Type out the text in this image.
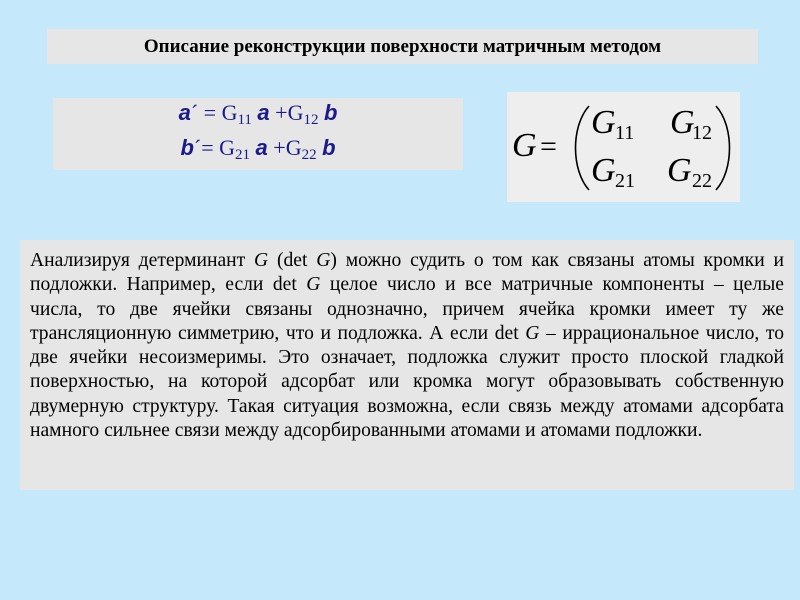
Описание реконструкции поверхности матричным методом
a´ = $G_{11}$ $a +G_{12}$ b
b´= $G_{21}$ $a +G_{22}$ b	G =
G 11 G
12
G 21 G 22

Анализируя детерминант G (det G) можно судить о том как связаны атомы кромки и подложки. Например, если det G целое число и все матричные компоненты – целые числа, то две ячейки связаны однозначно, причем ячейка кромки имеет ту же трансляционную симметрию, что и подложка. А если det G – иррациональное число, то две ячейки несоизмеримы. Это означает, подложка служит просто плоской гладкой поверхностью, на которой адсорбат или кромка могут образовывать собственную двумерную структуру. Такая ситуация возможна, если связь между атомами адсорбата намного сильнее связи между адсорбированными атомами и атомами подложки.
